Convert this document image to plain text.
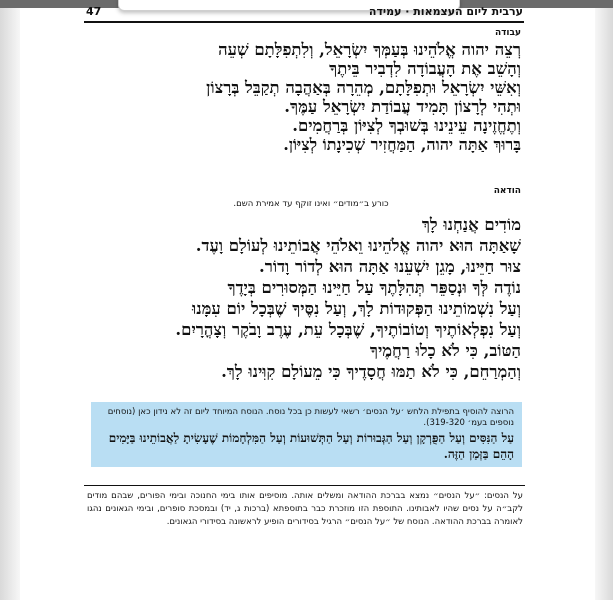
47	ערבית ליום העצמאות · עמידה
עבודה
רְצֵה יהוה אֱלֹהֵינוּ בְּעַמְּךָ יִשְׂרָאֵל, וְלִתְפִלָּתָם שְׁעֵה
וְהָשֵׁב אֶת הָעֲבוֹדָה לִדְבִיר בֵּיתֶךָ
וְאִשֵּׁי יִשְׂרָאֵל וּתְפִלָּתָם, מְהֵרָה בְּאַהֲבָה תְקַבֵּל בְּרָצוֹן
וּתְהִי לְרָצוֹן תָּמִיד עֲבוֹדַת יִשְׂרָאֵל עַמֶּךָ.
וְתֶחֱזֶינָה עֵינֵינוּ בְּשׁוּבְךָ לְצִיּוֹן בְּרַחֲמִים.
בָּרוּךְ אַתָּה יהוה, הַמַּחֲזִיר שְׁכִינָתוֹ לְצִיּוֹן.
הודאה
כורע ב״מודים״ ואינו זוקף עד אמירת השם.
מוֹדִים אֲנַחְנוּ לָךְ
שָׁאַתָּה הוּא יהוה אֱלֹהֵינוּ וֵאלֹהֵי אֲבוֹתֵינוּ לְעוֹלָם וָעֶד.
צוּר חַיֵּינוּ, מָגֵן יִשְׁעֵנוּ אַתָּה הוּא לְדוֹר וָדוֹר.
נוֹדֶה לְּךָ וּנְסַפֵּר תְּהִלָּתֶךָ עַל חַיֵּינוּ הַמְּסוּרִים בְּיָדֶךָ
וְעַל נִשְׁמוֹתֵינוּ הַפְּקוּדוֹת לָךְ, וְעַל נִסֶּיךָ שֶׁבְּכָל יוֹם עִמָּנוּ
וְעַל נִפְלְאוֹתֶיךָ וְטוֹבוֹתֶיךָ, שֶׁבְּכָל עֵת, עֶרֶב וָבֹקֶר וְצָהֳרָיִם.
הַטּוֹב, כִּי לֹא כָלוּ רַחֲמֶיךָ
וְהַמְרַחֵם, כִּי לֹא תַמּוּ חֲסָדֶיךָ כִּי מֵעוֹלָם קִוִּינוּ לָךְ.
הרוצה להוסיף בתפילת הלחש ׳על הנסים׳ רשאי לעשות כן בכל נוסח. הנוסח המיוחד ליום זה לא נידון כאן (נוסחים נוספים בעמ׳ 319-320).
עַל הַנִּסִּים וְעַל הַפֻּרְקָן וְעַל הַגְּבוּרוֹת וְעַל הַתְּשׁוּעוֹת וְעַל הַמִּלְחָמוֹת שֶׁעָשִׂיתָ לַאֲבוֹתֵינוּ בַּיָּמִים הָהֵם בַּזְּמַן הַזֶּה.
על הנסים: ״על הנסים״ נמצא בברכת ההודאה ומשלים אותה. מוסיפים אותו בימי החנוכה ובימי הפורים, שבהם מודים לקב״ה על נסים שהיו לאבותינו. התוספת הזו מוזכרת כבר בתוספתא (ברכות ג, יד) ובמסכת סופרים, ובימי הגאונים נהגו לאומרה בברכת ההודאה. הנוסח של ״על הנסים״ הרגיל בסידורים הופיע לראשונה בסידורי הגאונים.
